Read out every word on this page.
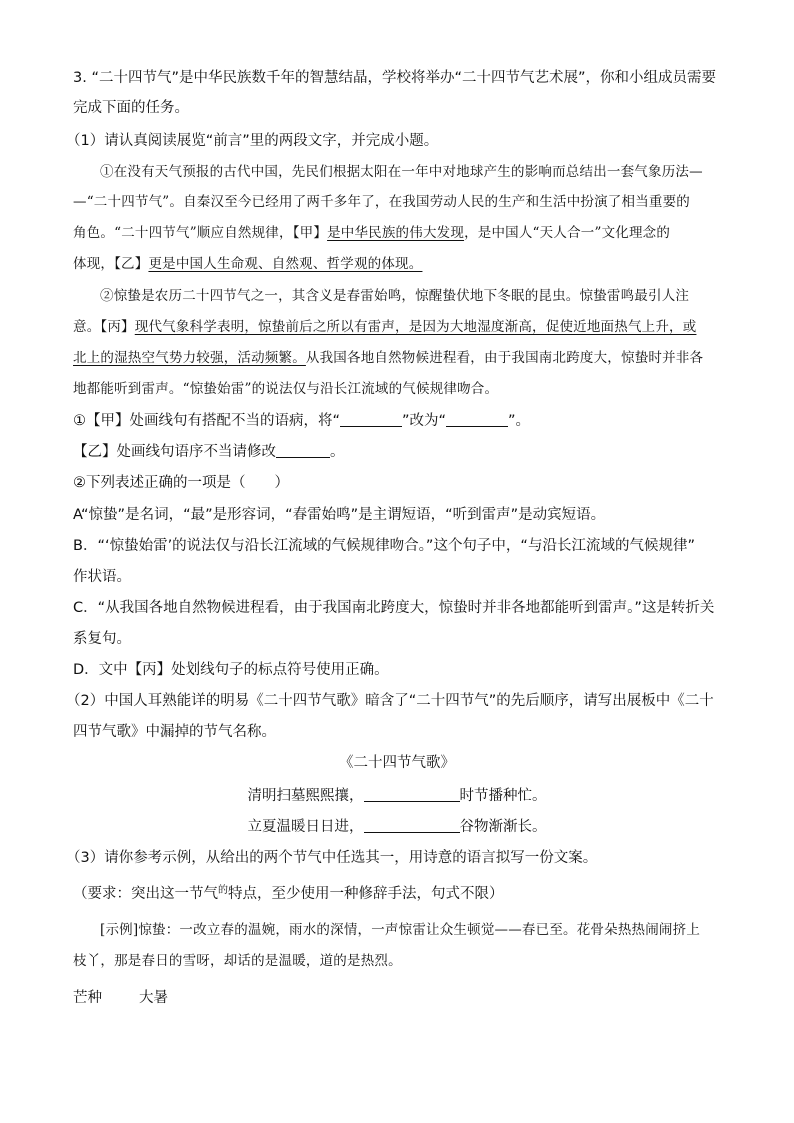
3. “二十四节气”是中华民族数千年的智慧结晶，学校将举办“二十四节气艺术展”，你和小组成员需要
完成下面的任务。
（1）请认真阅读展览“前言”里的两段文字，并完成小题。
①在没有天气预报的古代中国，先民们根据太阳在一年中对地球产生的影响而总结出一套气象历法—
—“二十四节气”。自秦汉至今已经用了两千多年了，在我国劳动人民的生产和生活中扮演了相当重要的
角色。“二十四节气”顺应自然规律，【甲】是中华民族的伟大发现，是中国人“天人合一”文化理念的
体现，【乙】更是中国人生命观、自然观、哲学观的体现。
②惊蛰是农历二十四节气之一，其含义是春雷始鸣，惊醒蛰伏地下冬眠的昆虫。惊蛰雷鸣最引人注
意。【丙】现代气象科学表明，惊蛰前后之所以有雷声，是因为大地湿度渐高，促使近地面热气上升，或
北上的湿热空气势力较强，活动频繁。从我国各地自然物候进程看，由于我国南北跨度大，惊蛰时并非各
地都能听到雷声。“惊蛰始雷”的说法仅与沿长江流域的气候规律吻合。
①【甲】处画线句有搭配不当的语病，将“	”改为“	”。
【乙】处画线句语序不当请修改	。
②下列表述正确的一项是（　　）
A“惊蛰”是名词，“最”是形容词，“春雷始鸣”是主谓短语，“听到雷声”是动宾短语。
B．“‘惊蛰始雷’的说法仅与沿长江流域的气候规律吻合。”这个句子中，“与沿长江流域的气候规律”
作状语。
C．“从我国各地自然物候进程看，由于我国南北跨度大，惊蛰时并非各地都能听到雷声。”这是转折关
系复句。
D．文中【丙】处划线句子的标点符号使用正确。
（2）中国人耳熟能详的明易《二十四节气歌》暗含了“二十四节气”的先后顺序，请写出展板中《二十
四节气歌》中漏掉的节气名称。
《二十四节气歌》
清明扫墓熙熙攘，	时节播种忙。
立夏温暖日日进，	谷物渐渐长。
（3）请你参考示例，从给出的两个节气中任选其一，用诗意的语言拟写一份文案。
（要求：突出这一节气$^的$特点，至少使用一种修辞手法，句式不限）
[示例]惊蛰：一改立春的温婉，雨水的深情，一声惊雷让众生顿觉——春已至。花骨朵热热闹闹挤上
枝丫，那是春日的雪呀，却话的是温暖，道的是热烈。
芒种	大暑
